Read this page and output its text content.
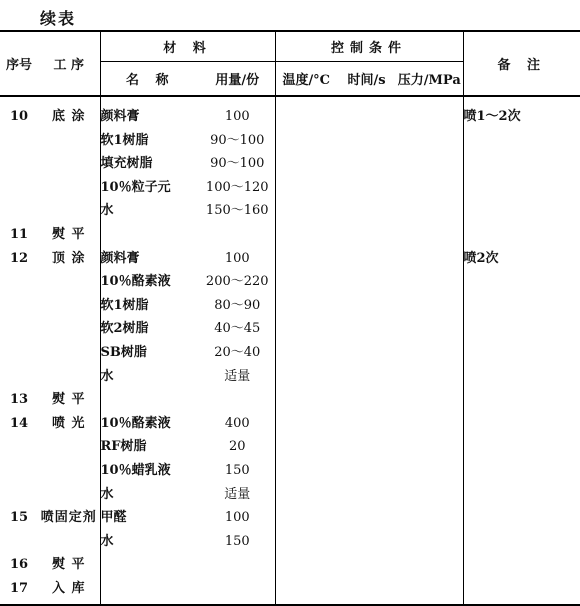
续表
序号	工 序	材 料		控制条件			备 注
		名 称	用量/份	温度/°C	时间/s	压力/MPa	
10	底 涂	颜料膏	100				喷1～2次
		软1树脂	90～100				
		填充树脂	90～100				
		10％粒子元	100～120				
		水	150～160				
11	熨 平						
12	顶 涂	颜料膏	100				喷2次
		10％酪素液	200～220				
		软1树脂	80～90				
		软2树脂	40～45				
		SB树脂	20～40				
		水	适量				
13	熨 平						
14	喷 光	10％酪素液	400				
		RF树脂	20				
		10％蜡乳液	150				
		水	适量				
15	喷固定剂	甲醛	100				
		水	150				
16	熨 平						
17	入 库						
